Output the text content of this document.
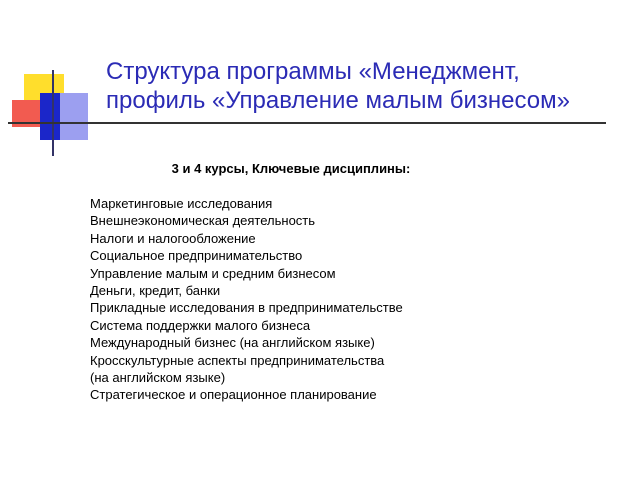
Структура программы «Менеджмент,
профиль «Управление малым бизнесом»
3 и 4 курсы, Ключевые дисциплины:
Маркетинговые исследования
Внешнеэкономическая деятельность
Налоги и налогообложение
Социальное предпринимательство
Управление малым и средним бизнесом
Деньги, кредит, банки
Прикладные исследования в предпринимательстве
Система поддержки малого бизнеса
Международный бизнес (на английском языке)
Кросскультурные аспекты предпринимательства
(на английском языке)
Стратегическое и операционное планирование
